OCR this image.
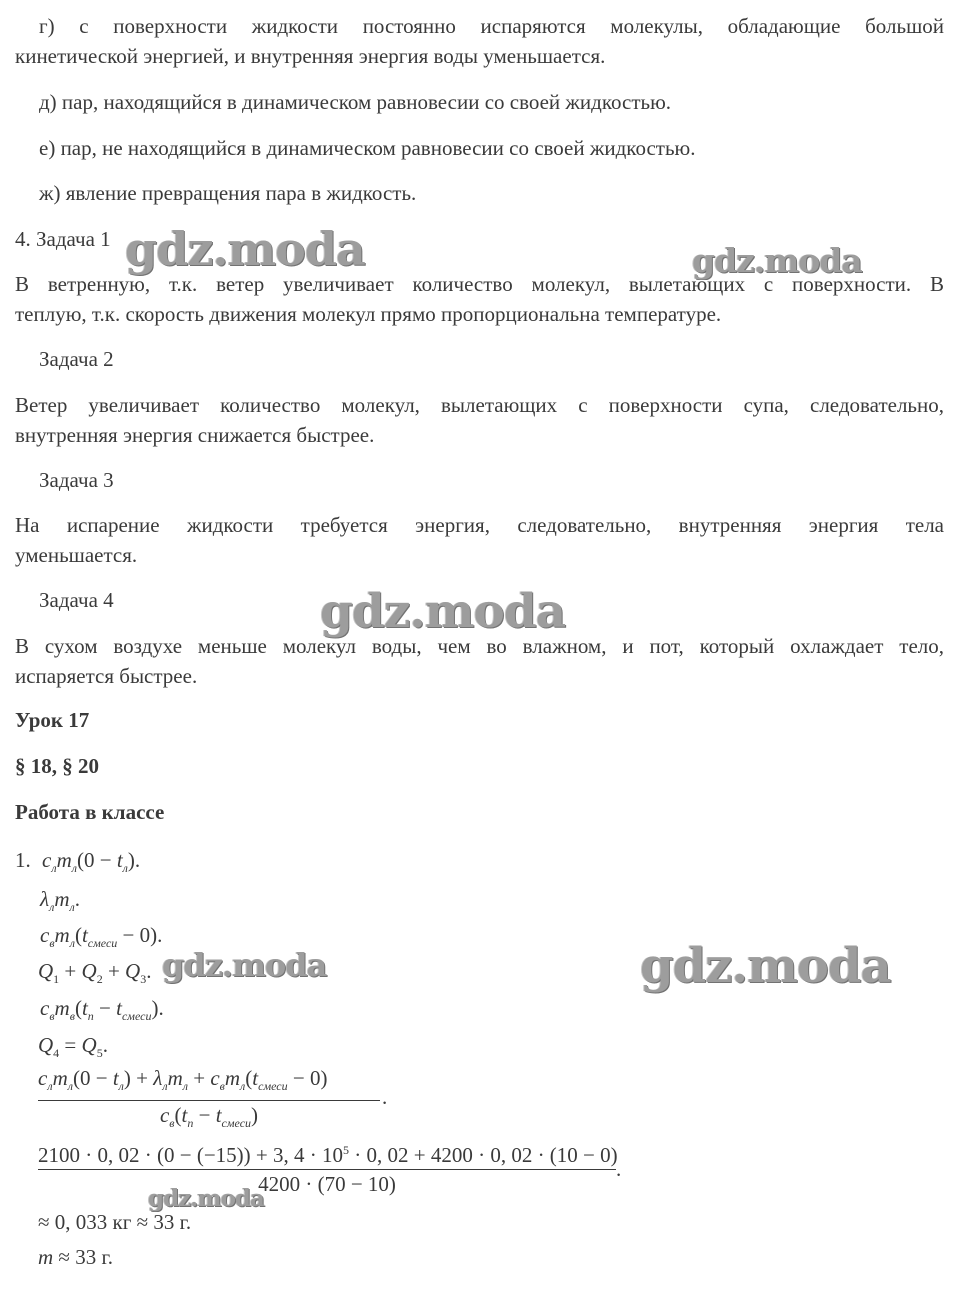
г) с поверхности жидкости постоянно испаряются молекулы, обладающие большой
кинетической энергией, и внутренняя энергия воды уменьшается.
д) пар, находящийся в динамическом равновесии со своей жидкостью.
е) пар, не находящийся в динамическом равновесии со своей жидкостью.
ж) явление превращения пара в жидкость.
4. Задача 1
В ветренную, т.к. ветер увеличивает количество молекул, вылетающих с поверхности. В
теплую, т.к. скорость движения молекул прямо пропорциональна температуре.
Задача 2
Ветер увеличивает количество молекул, вылетающих с поверхности супа, следовательно,
внутренняя энергия снижается быстрее.
Задача 3
На испарение жидкости требуется энергия, следовательно, внутренняя энергия тела
уменьшается.
Задача 4
В сухом воздухе меньше молекул воды, чем во влажном, и пот, который охлаждает тело,
испаряется быстрее.
Урок 17
§ 18, § 20
Работа в классе
1. $c_лm_л(0 - t_л)$.
$\lambda_лm_л$.
$c_вm_л(t_{смеси} - 0)$.
$Q_1 + Q_2 + Q_3$.
$c_вm_в(t_п - t_{смеси})$.
$Q_4 = Q_5$.
$c_лm_л(0 - t_л) + \lambda_лm_л + c_вm_л(t_{смеси} - 0)$
$c_в(t_п - t_{смеси})$
.
2100 · 0, 02 · (0 − (−15)) + 3, $4 \cdot 10^5 \cdot 0$, 02 + 4200 · 0, 02 · (10 − 0)
4200 · (70 − 10)
.
≈ 0, 033 кг ≈ 33 г.
m ≈ 33 г.
gdz.moda	gdz.moda
gdz.moda
gdz.moda	gdz.moda
gdz.moda
